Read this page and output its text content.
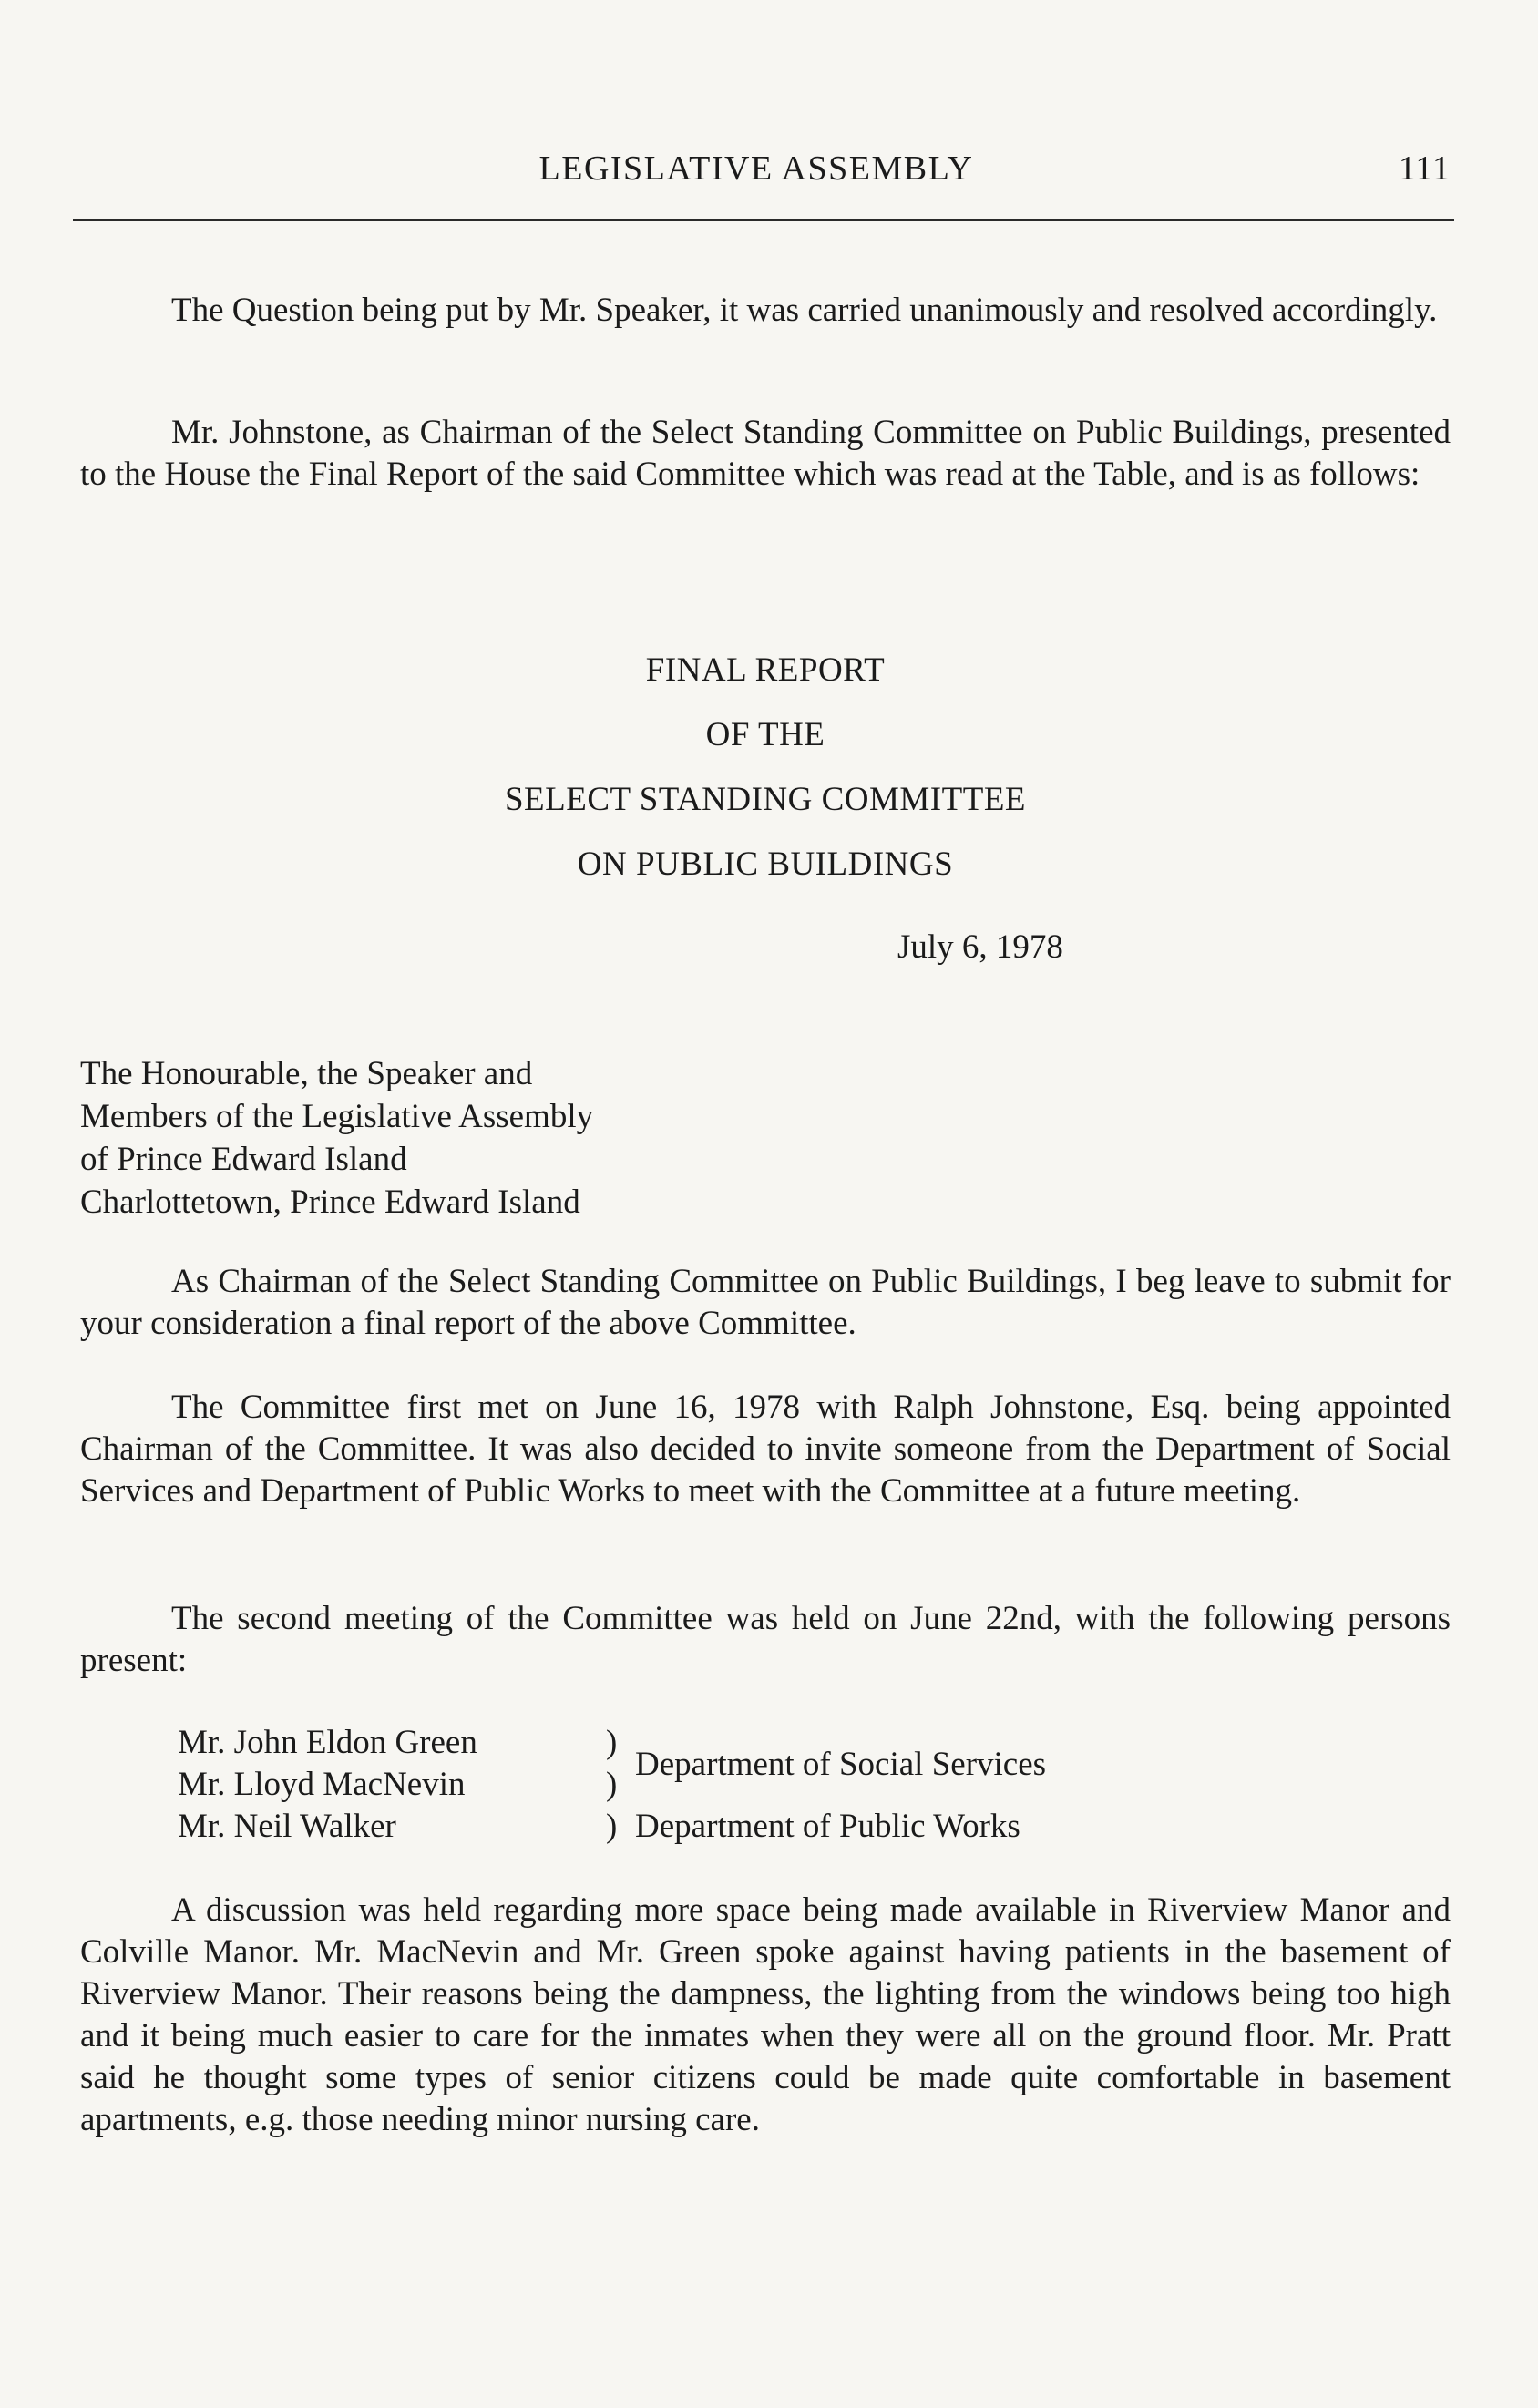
LEGISLATIVE ASSEMBLY	111

The Question being put by Mr. Speaker, it was carried unanimously and resolved accordingly.

Mr. Johnstone, as Chairman of the Select Standing Committee on Public Buildings, presented to the House the Final Report of the said Committee which was read at the Table, and is as follows:

FINAL REPORT

OF THE

SELECT STANDING COMMITTEE

ON PUBLIC BUILDINGS

July 6, 1978

The Honourable, the Speaker and
Members of the Legislative Assembly
of Prince Edward Island
Charlottetown, Prince Edward Island

As Chairman of the Select Standing Committee on Public Buildings, I beg leave to submit for your consideration a final report of the above Committee.

The Committee first met on June 16, 1978 with Ralph Johnstone, Esq. being appointed Chairman of the Committee. It was also decided to invite someone from the Department of Social Services and Department of Public Works to meet with the Committee at a future meeting.

The second meeting of the Committee was held on June 22nd, with the following persons present:

Mr. John Eldon Green
Mr. Lloyd MacNevin
Mr. Neil Walker
)
)
)
Department of Social Services
Department of Public Works

A discussion was held regarding more space being made available in Riverview Manor and Colville Manor. Mr. MacNevin and Mr. Green spoke against having patients in the basement of Riverview Manor. Their reasons being the dampness, the lighting from the windows being too high and it being much easier to care for the inmates when they were all on the ground floor. Mr. Pratt said he thought some types of senior citizens could be made quite comfortable in basement apartments, e.g. those needing minor nursing care.
